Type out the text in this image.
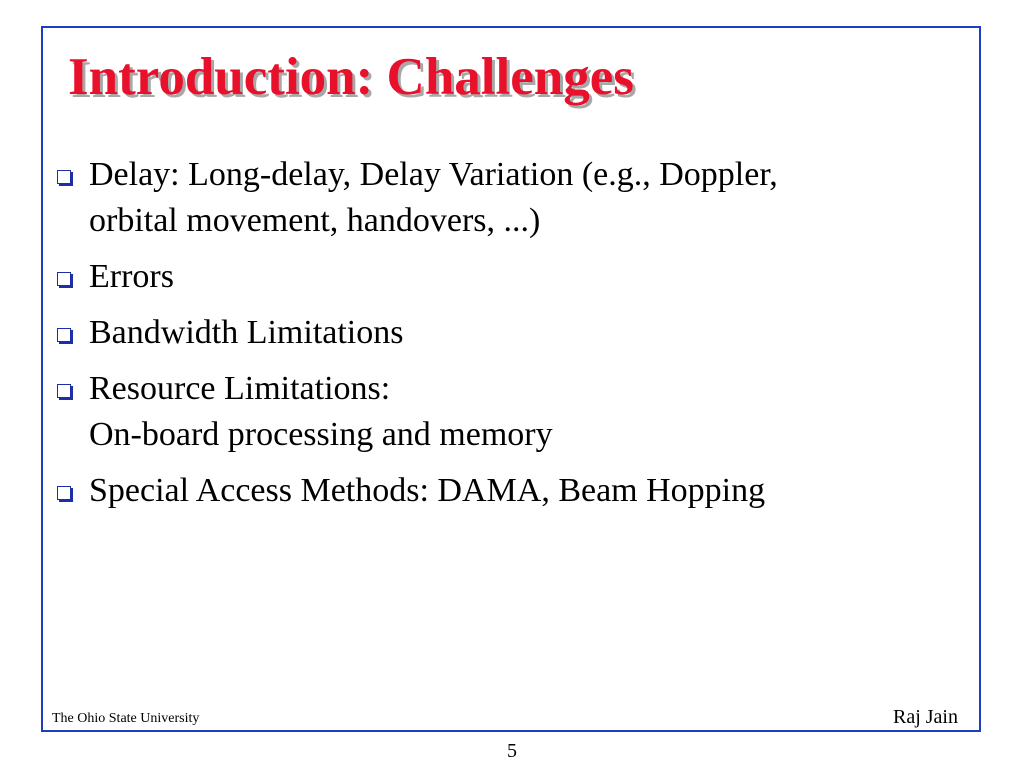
Introduction: Challenges
Delay: Long-delay, Delay Variation (e.g., Doppler,
orbital movement, handovers, ...)
Errors
Bandwidth Limitations
Resource Limitations:
On-board processing and memory
Special Access Methods: DAMA, Beam Hopping
The Ohio State University	Raj Jain
5
